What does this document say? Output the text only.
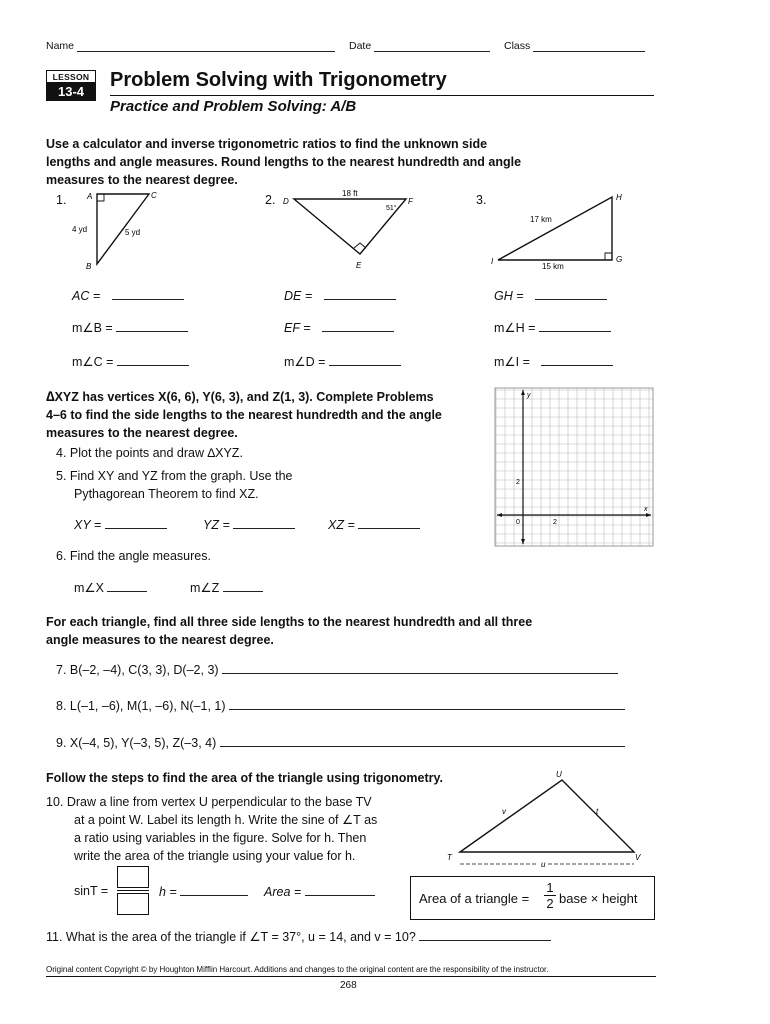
Name	Date	Class
LESSON
13-4
Problem Solving with Trigonometry
Practice and Problem Solving: A/B
Use a calculator and inverse trigonometric ratios to find the unknown side lengths and angle measures. Round lengths to the nearest hundredth and angle measures to the nearest degree.
1.	2.	3.
A	C
B
4 yd	5 yd
18 ft
51°
D	F
E
H
G
I
17 km
15 km
AC =
m∠B =
m∠C =
DE =
EF =
m∠D =
GH =
m∠H =
m∠I =
∆XYZ has vertices X(6, 6), Y(6, 3), and Z(1, 3). Complete Problems 4–6 to find the side lengths to the nearest hundredth and the angle measures to the nearest degree.
4. Plot the points and draw ∆XYZ.
5. Find XY and YZ from the graph. Use the
Pythagorean Theorem to find XZ.
XY =	YZ =	XZ =
6. Find the angle measures.
m∠X	m∠Z
y
x
2
2
0
For each triangle, find all three side lengths to the nearest hundredth and all three angle measures to the nearest degree.
7. B(–2, –4), C(3, 3), D(–2, 3)
8. L(–1, –6), M(1, –6), N(–1, 1)
9. X(–4, 5), Y(–3, 5), Z(–3, 4)
Follow the steps to find the area of the triangle using trigonometry.
10. Draw a line from vertex U perpendicular to the base TV
at a point W. Label its length h. Write the sine of ∠T as
a ratio using variables in the figure. Solve for h. Then
write the area of the triangle using your value for h.
U
T	V
v	t
u
sinT =	h =	Area =	Area of a triangle =
1
2 base × height
11. What is the area of the triangle if ∠T = 37°, u = 14, and v = 10?
Original content Copyright © by Houghton Mifflin Harcourt. Additions and changes to the original content are the responsibility of the instructor.
268
